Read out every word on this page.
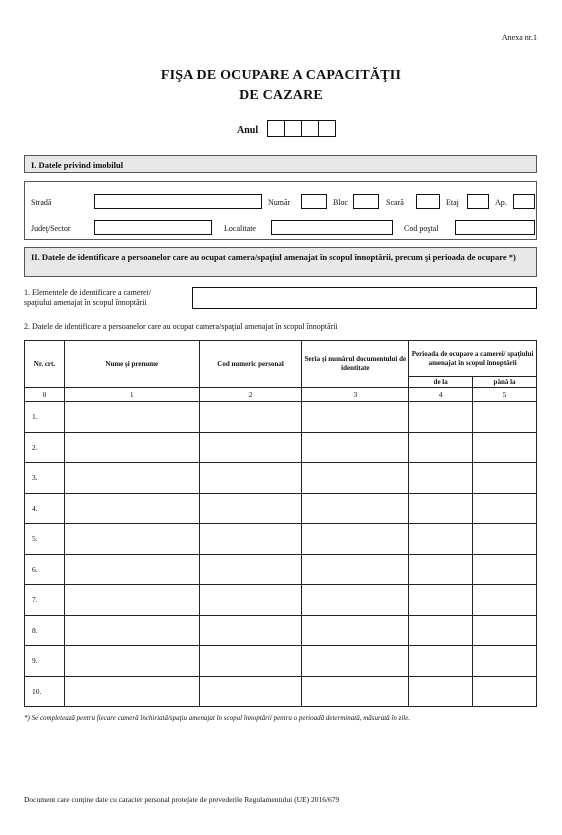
Anexa nr.1
FIŞA DE OCUPARE A CAPACITĂŢII
DE CAZARE
Anul
I. Datele privind imobilul
Stradă	Număr	Bloc	Scară	Etaj	Ap.
Judeţ/Sector	Localitate	Cod poştal
II. Datele de identificare a persoanelor care au ocupat camera/spaţiul amenajat în scopul înnoptării, precum şi perioada de ocupare *)
1. Elementele de identificare a camerei/
spaţiului amenajat în scopul înnoptării
2. Datele de identificare a persoanelor care au ocupat camera/spaţiul amenajat în scopul înnoptării
Nr. crt.	Nume şi prenume	Cod numeric personal	Seria şi numărul documentului de identitate	Perioada de ocupare a camerei/ spaţiului amenajat în scopul înnoptării	
				de la	până la
0	1	2	3	4	5
1.					
2.					
3.					
4.					
5.					
6.					
7.					
8.					
9.					
10.					
*) Se completează pentru fiecare cameră închiriată/spaţiu amenajat în scopul înnoptării pentru o perioadă determinată, măsurată în zile.
Document care conţine date cu caracter personal protejate de prevederile Regulamentului (UE) 2016/679
